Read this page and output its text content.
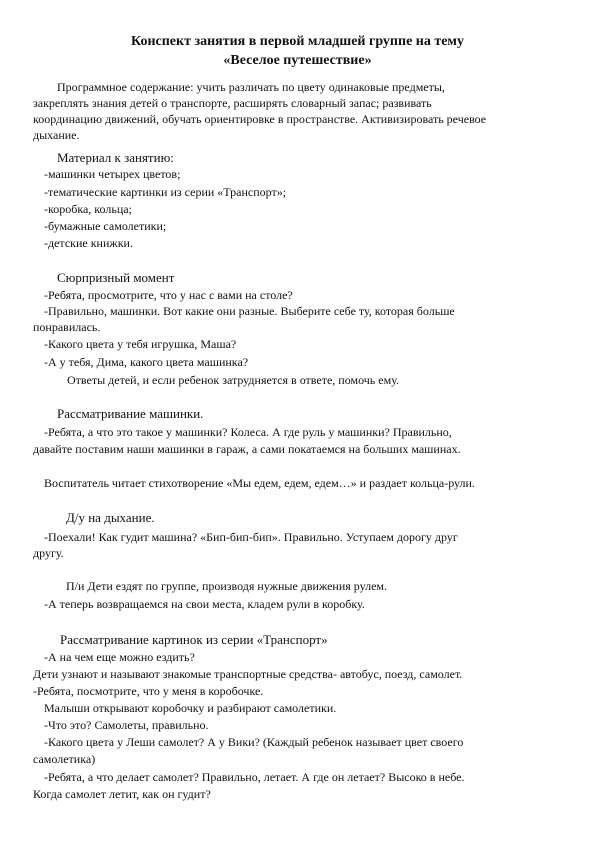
Конспект занятия в первой младшей группе на тему
«Веселое путешествие»
Программное содержание: учить различать по цвету одинаковые предметы,
закреплять знания детей о транспорте, расширять словарный запас; развивать
координацию движений, обучать ориентировке в пространстве. Активизировать речевое
дыхание.
Материал к занятию:
-машинки четырех цветов;
-тематические картинки из серии «Транспорт»;
-коробка, кольца;
-бумажные самолетики;
-детские книжки.
Сюрпризный момент
-Ребята, просмотрите, что у нас с вами на столе?
-Правильно, машинки. Вот какие они разные. Выберите себе ту, которая больше
понравилась.
-Какого цвета у тебя игрушка, Маша?
-А у тебя, Дима, какого цвета машинка?
Ответы детей, и если ребенок затрудняется в ответе, помочь ему.
Рассматривание машинки.
-Ребята, а что это такое у машинки? Колеса. А где руль у машинки? Правильно,
давайте поставим наши машинки в гараж, а сами покатаемся на больших машинах.
Воспитатель читает стихотворение «Мы едем, едем, едем…» и раздает кольца-рули.
Д/у на дыхание.
-Поехали! Как гудит машина? «Бип-бип-бип». Правильно. Уступаем дорогу друг
другу.
П/и Дети ездят по группе, производя нужные движения рулем.
-А теперь возвращаемся на свои места, кладем рули в коробку.
Рассматривание картинок из серии «Транспорт»
-А на чем еще можно ездить?
Дети узнают и называют знакомые транспортные средства- автобус, поезд, самолет.
-Ребята, посмотрите, что у меня в коробочке.
Малыши открывают коробочку и разбирают самолетики.
-Что это? Самолеты, правильно.
-Какого цвета у Леши самолет? А у Вики? (Каждый ребенок называет цвет своего
самолетика)
-Ребята, а что делает самолет? Правильно, летает. А где он летает? Высоко в небе.
Когда самолет летит, как он гудит?
